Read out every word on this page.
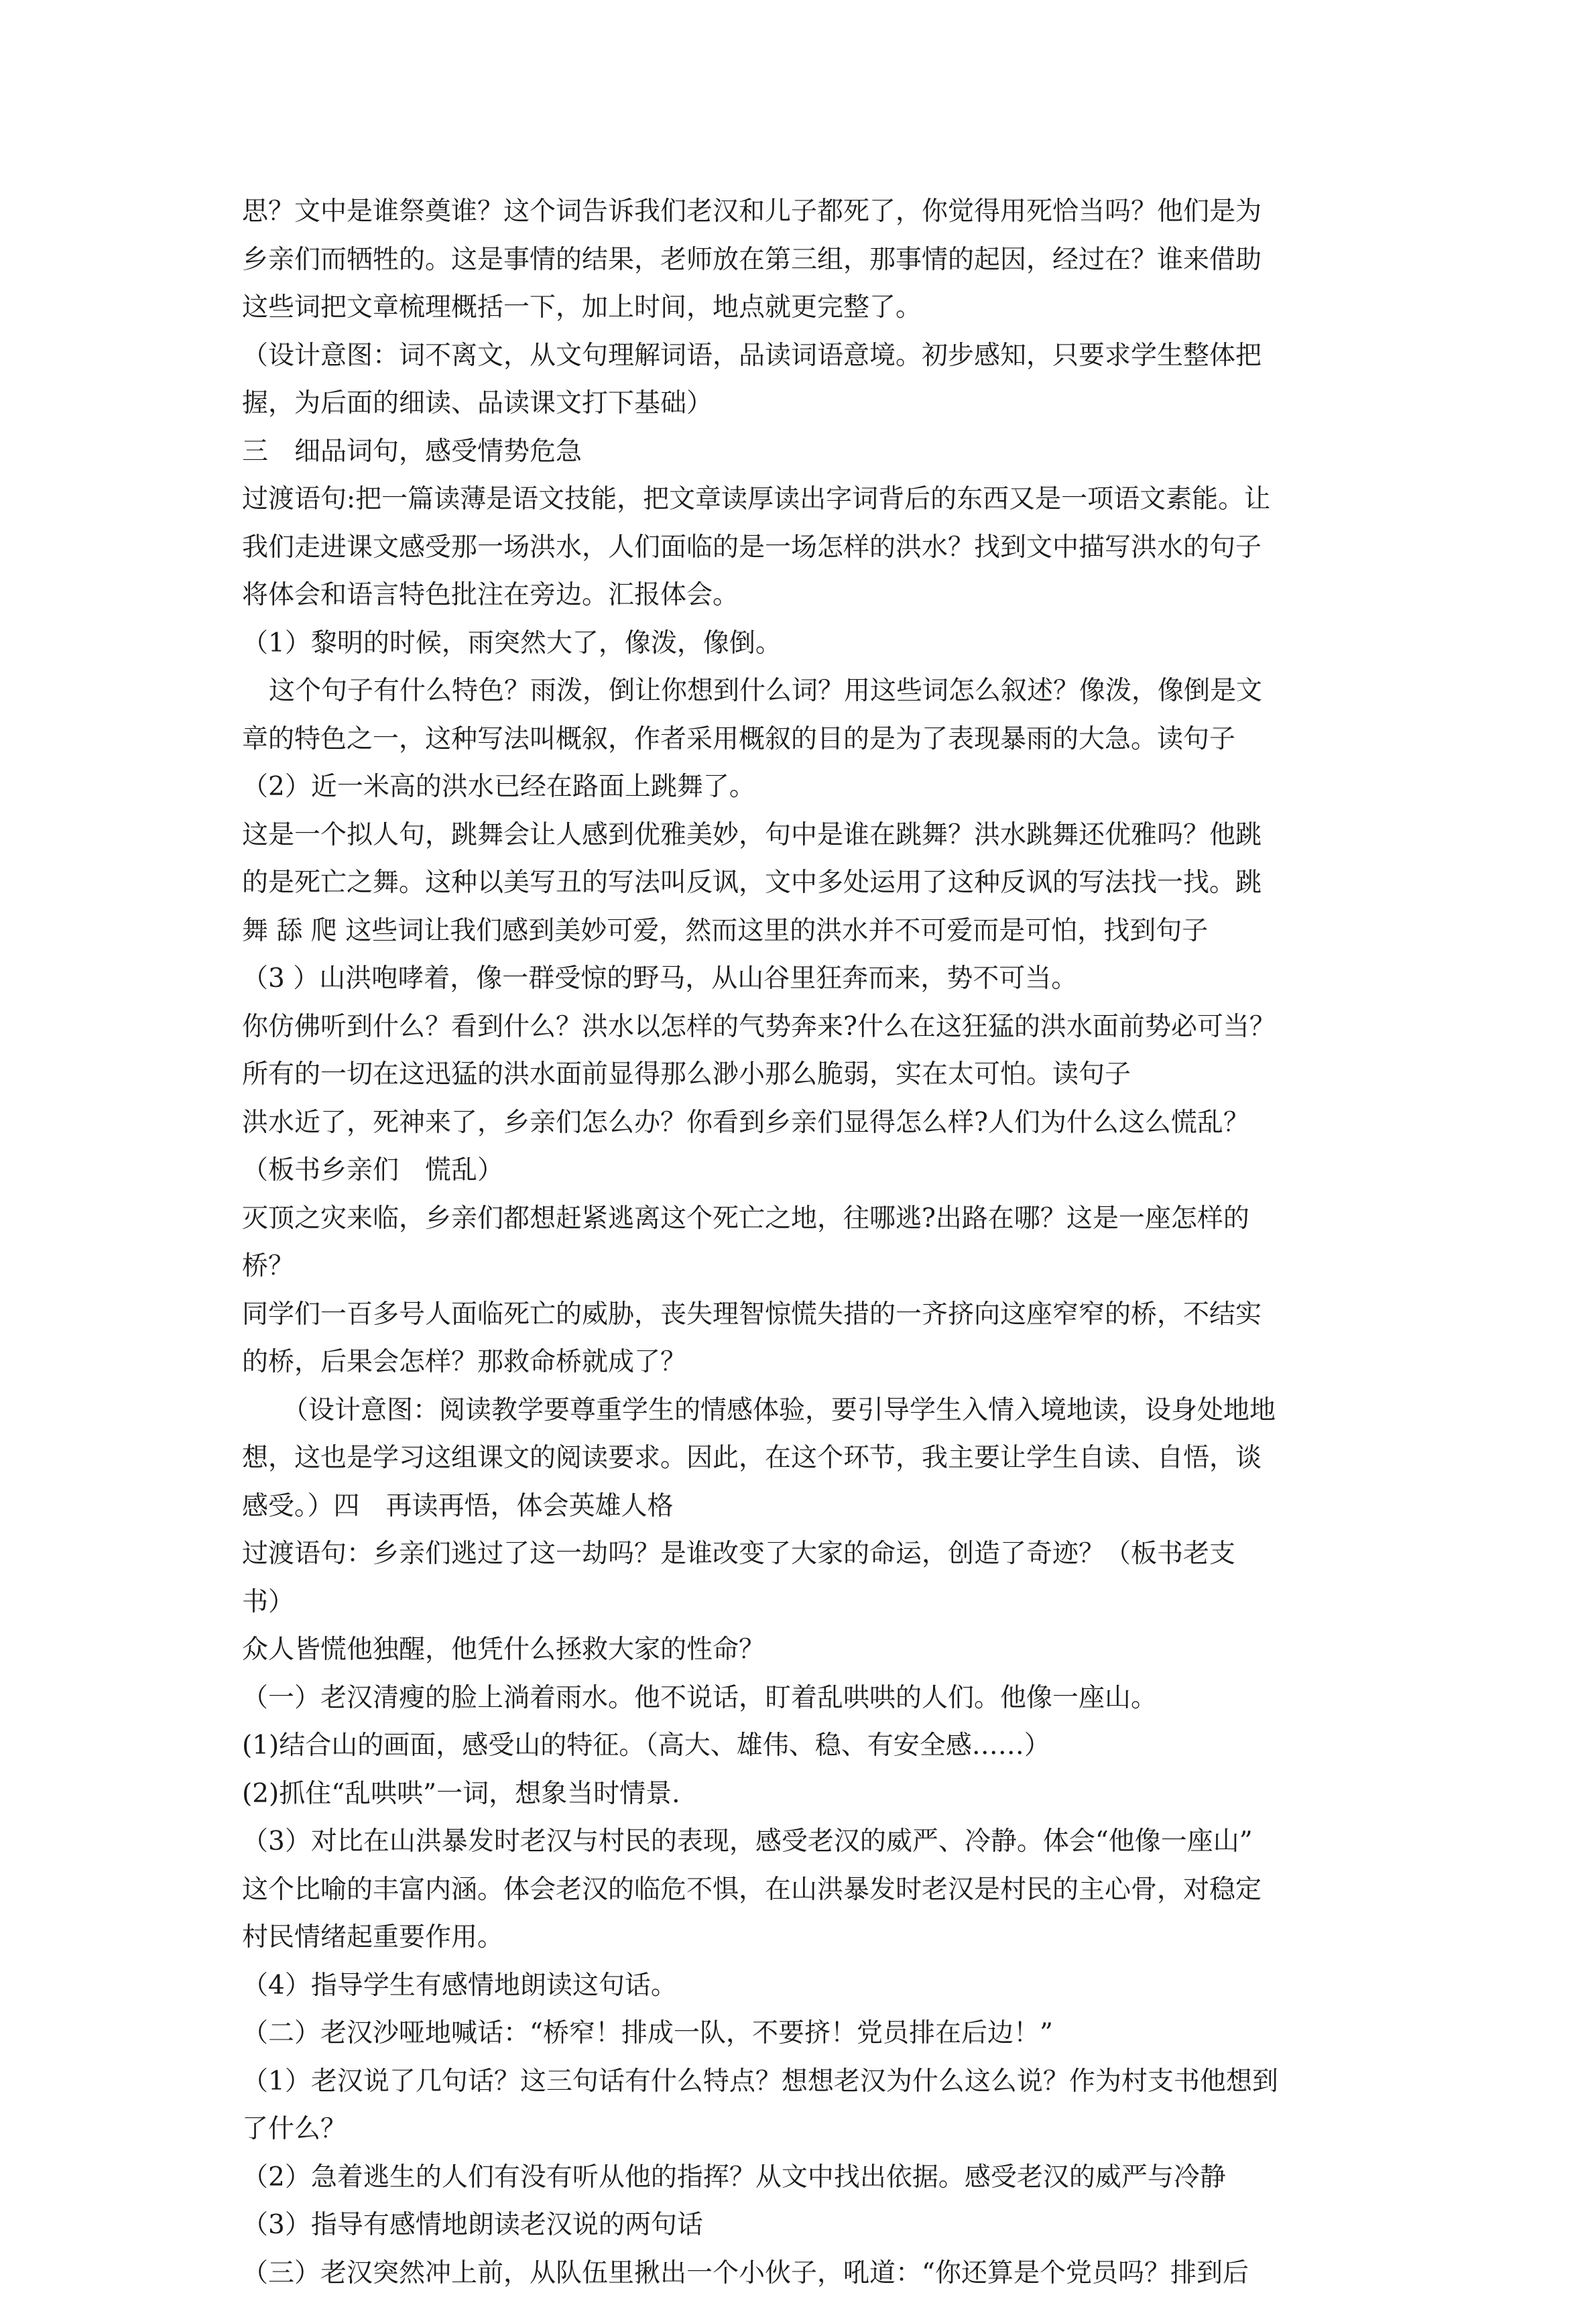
思？文中是谁祭奠谁？这个词告诉我们老汉和儿子都死了，你觉得用死恰当吗？他们是为
乡亲们而牺牲的。这是事情的结果，老师放在第三组，那事情的起因，经过在？谁来借助
这些词把文章梳理概括一下，加上时间，地点就更完整了。
（设计意图：词不离文，从文句理解词语，品读词语意境。初步感知，只要求学生整体把
握，为后面的细读、品读课文打下基础）
三　细品词句，感受情势危急
过渡语句:把一篇读薄是语文技能，把文章读厚读出字词背后的东西又是一项语文素能。让
我们走进课文感受那一场洪水，人们面临的是一场怎样的洪水？找到文中描写洪水的句子
将体会和语言特色批注在旁边。汇报体会。
（1）黎明的时候，雨突然大了，像泼，像倒。
这个句子有什么特色？雨泼，倒让你想到什么词？用这些词怎么叙述？像泼，像倒是文
章的特色之一，这种写法叫概叙，作者采用概叙的目的是为了表现暴雨的大急。读句子
（2）近一米高的洪水已经在路面上跳舞了。
这是一个拟人句，跳舞会让人感到优雅美妙，句中是谁在跳舞？洪水跳舞还优雅吗？他跳
的是死亡之舞。这种以美写丑的写法叫反讽，文中多处运用了这种反讽的写法找一找。跳
舞 舔 爬 这些词让我们感到美妙可爱，然而这里的洪水并不可爱而是可怕，找到句子
（3 ）山洪咆哮着，像一群受惊的野马，从山谷里狂奔而来，势不可当。
你仿佛听到什么？看到什么？洪水以怎样的气势奔来?什么在这狂猛的洪水面前势必可当？
所有的一切在这迅猛的洪水面前显得那么渺小那么脆弱，实在太可怕。读句子
洪水近了，死神来了，乡亲们怎么办？你看到乡亲们显得怎么样?人们为什么这么慌乱？
（板书乡亲们　慌乱）
灭顶之灾来临，乡亲们都想赶紧逃离这个死亡之地，往哪逃?出路在哪？这是一座怎样的
桥？
同学们一百多号人面临死亡的威胁，丧失理智惊慌失措的一齐挤向这座窄窄的桥，不结实
的桥，后果会怎样？那救命桥就成了？
（设计意图：阅读教学要尊重学生的情感体验，要引导学生入情入境地读，设身处地地
想，这也是学习这组课文的阅读要求。因此，在这个环节，我主要让学生自读、自悟，谈
感受。）四　再读再悟，体会英雄人格
过渡语句：乡亲们逃过了这一劫吗？是谁改变了大家的命运，创造了奇迹？（板书老支
书）
众人皆慌他独醒，他凭什么拯救大家的性命？
（一）老汉清瘦的脸上淌着雨水。他不说话，盯着乱哄哄的人们。他像一座山。
(1)结合山的画面，感受山的特征。（高大、雄伟、稳、有安全感……）
(2)抓住“乱哄哄”一词，想象当时情景.
（3）对比在山洪暴发时老汉与村民的表现，感受老汉的威严、冷静。体会“他像一座山”
这个比喻的丰富内涵。体会老汉的临危不惧，在山洪暴发时老汉是村民的主心骨，对稳定
村民情绪起重要作用。
（4）指导学生有感情地朗读这句话。
（二）老汉沙哑地喊话：“桥窄！排成一队，不要挤！党员排在后边！”
（1）老汉说了几句话？这三句话有什么特点？想想老汉为什么这么说？作为村支书他想到
了什么？
（2）急着逃生的人们有没有听从他的指挥？从文中找出依据。感受老汉的威严与冷静
（3）指导有感情地朗读老汉说的两句话
（三）老汉突然冲上前，从队伍里揪出一个小伙子，吼道：“你还算是个党员吗？排到后
